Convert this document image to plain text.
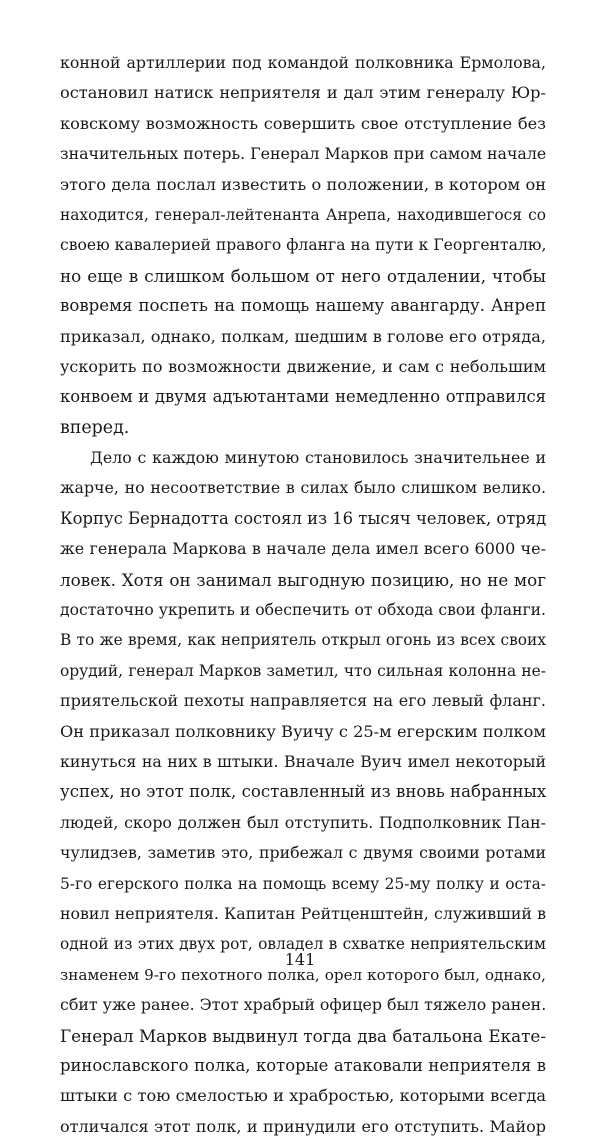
конной артиллерии под командой полковника Ермолова,
остановил натиск неприятеля и дал этим генералу Юр-
ковскому возможность совершить свое отступление без
значительных потерь. Генерал Марков при самом начале
этого дела послал известить о положении, в котором он
находится, генерал-лейтенанта Анрепа, находившегося со
своею кавалерией правого фланга на пути к Георгенталю,
но еще в слишком большом от него отдалении, чтобы
вовремя поспеть на помощь нашему авангарду. Анреп
приказал, однако, полкам, шедшим в голове его отряда,
ускорить по возможности движение, и сам с небольшим
конвоем и двумя адъютантами немедленно отправился
вперед.
Дело с каждою минутою становилось значительнее и
жарче, но несоответствие в силах было слишком велико.
Корпус Бернадотта состоял из 16 тысяч человек, отряд
же генерала Маркова в начале дела имел всего 6000 че-
ловек. Хотя он занимал выгодную позицию, но не мог
достаточно укрепить и обеспечить от обхода свои фланги.
В то же время, как неприятель открыл огонь из всех своих
орудий, генерал Марков заметил, что сильная колонна не-
приятельской пехоты направляется на его левый фланг.
Он приказал полковнику Вуичу с 25-м егерским полком
кинуться на них в штыки. Вначале Вуич имел некоторый
успех, но этот полк, составленный из вновь набранных
людей, скоро должен был отступить. Подполковник Пан-
чулидзев, заметив это, прибежал с двумя своими ротами
5-го егерского полка на помощь всему 25-му полку и оста-
новил неприятеля. Капитан Рейтценштейн, служивший в
одной из этих двух рот, овладел в схватке неприятельским
знаменем 9-го пехотного полка, орел которого был, однако,
сбит уже ранее. Этот храбрый офицер был тяжело ранен.
Генерал Марков выдвинул тогда два батальона Екате-
ринославского полка, которые атаковали неприятеля в
штыки с тою смелостью и храбростью, которыми всегда
отличался этот полк, и принудили его отступить. Майор
141
